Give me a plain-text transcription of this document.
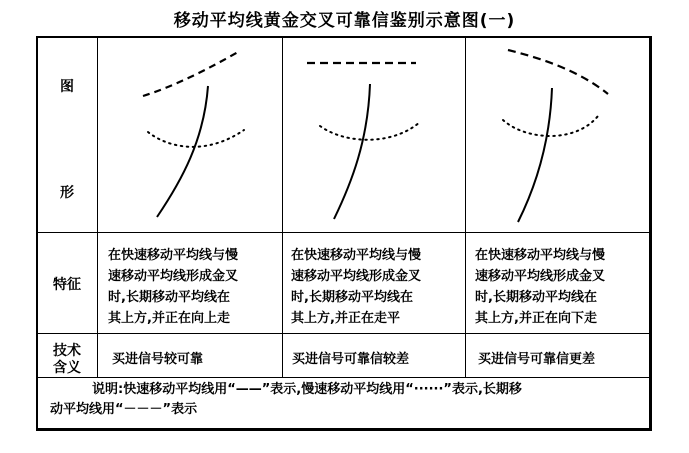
移动平均线黄金交叉可靠信鉴别示意图(一)
图
形
特征
技术
含义
在快速移动平均线与慢
速移动平均线形成金叉
时,长期移动平均线在
其上方,并正在向上走
在快速移动平均线与慢
速移动平均线形成金叉
时,长期移动平均线在
其上方,并正在走平
在快速移动平均线与慢
速移动平均线形成金叉
时,长期移动平均线在
其上方,并正在向下走
买进信号较可靠	买进信号可靠信较差	买进信号可靠信更差
说明:快速移动平均线用“——”表示,慢速移动平均线用“······”表示,长期移
动平均线用“－－－”表示
